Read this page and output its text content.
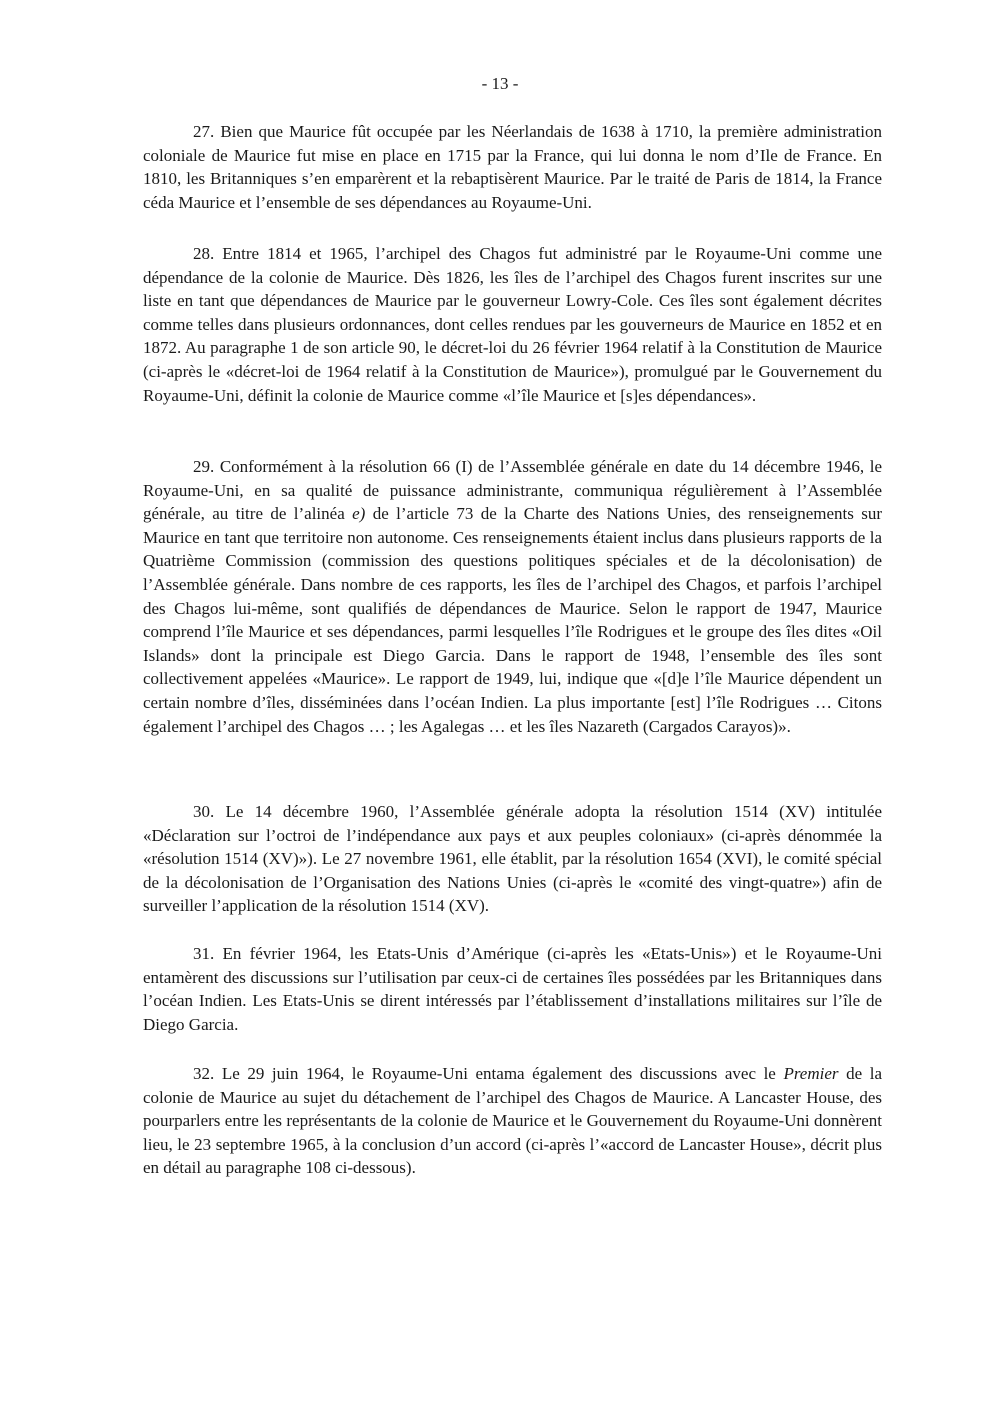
- 13 -

27. Bien que Maurice fût occupée par les Néerlandais de 1638 à 1710, la première administration coloniale de Maurice fut mise en place en 1715 par la France, qui lui donna le nom d’Ile de France. En 1810, les Britanniques s’en emparèrent et la rebaptisèrent Maurice. Par le traité de Paris de 1814, la France céda Maurice et l’ensemble de ses dépendances au Royaume-Uni.

28. Entre 1814 et 1965, l’archipel des Chagos fut administré par le Royaume-Uni comme une dépendance de la colonie de Maurice. Dès 1826, les îles de l’archipel des Chagos furent inscrites sur une liste en tant que dépendances de Maurice par le gouverneur Lowry-Cole. Ces îles sont également décrites comme telles dans plusieurs ordonnances, dont celles rendues par les gouverneurs de Maurice en 1852 et en 1872. Au paragraphe 1 de son article 90, le décret-loi du 26 février 1964 relatif à la Constitution de Maurice (ci-après le «décret-loi de 1964 relatif à la Constitution de Maurice»), promulgué par le Gouvernement du Royaume-Uni, définit la colonie de Maurice comme «l’île Maurice et [s]es dépendances».

29. Conformément à la résolution 66 (I) de l’Assemblée générale en date du 14 décembre 1946, le Royaume-Uni, en sa qualité de puissance administrante, communiqua régulièrement à l’Assemblée générale, au titre de l’alinéa e) de l’article 73 de la Charte des Nations Unies, des renseignements sur Maurice en tant que territoire non autonome. Ces renseignements étaient inclus dans plusieurs rapports de la Quatrième Commission (commission des questions politiques spéciales et de la décolonisation) de l’Assemblée générale. Dans nombre de ces rapports, les îles de l’archipel des Chagos, et parfois l’archipel des Chagos lui-même, sont qualifiés de dépendances de Maurice. Selon le rapport de 1947, Maurice comprend l’île Maurice et ses dépendances, parmi lesquelles l’île Rodrigues et le groupe des îles dites «Oil Islands» dont la principale est Diego Garcia. Dans le rapport de 1948, l’ensemble des îles sont collectivement appelées «Maurice». Le rapport de 1949, lui, indique que «[d]e l’île Maurice dépendent un certain nombre d’îles, disséminées dans l’océan Indien. La plus importante [est] l’île Rodrigues … Citons également l’archipel des Chagos … ; les Agalegas … et les îles Nazareth (Cargados Carayos)».

30. Le 14 décembre 1960, l’Assemblée générale adopta la résolution 1514 (XV) intitulée «Déclaration sur l’octroi de l’indépendance aux pays et aux peuples coloniaux» (ci-après dénommée la «résolution 1514 (XV)»). Le 27 novembre 1961, elle établit, par la résolution 1654 (XVI), le comité spécial de la décolonisation de l’Organisation des Nations Unies (ci-après le «comité des vingt-quatre») afin de surveiller l’application de la résolution 1514 (XV).

31. En février 1964, les Etats-Unis d’Amérique (ci-après les «Etats-Unis») et le Royaume-Uni entamèrent des discussions sur l’utilisation par ceux-ci de certaines îles possédées par les Britanniques dans l’océan Indien. Les Etats-Unis se dirent intéressés par l’établissement d’installations militaires sur l’île de Diego Garcia.

32. Le 29 juin 1964, le Royaume-Uni entama également des discussions avec le Premier de la colonie de Maurice au sujet du détachement de l’archipel des Chagos de Maurice. A Lancaster House, des pourparlers entre les représentants de la colonie de Maurice et le Gouvernement du Royaume-Uni donnèrent lieu, le 23 septembre 1965, à la conclusion d’un accord (ci-après l’«accord de Lancaster House», décrit plus en détail au paragraphe 108 ci-dessous).
